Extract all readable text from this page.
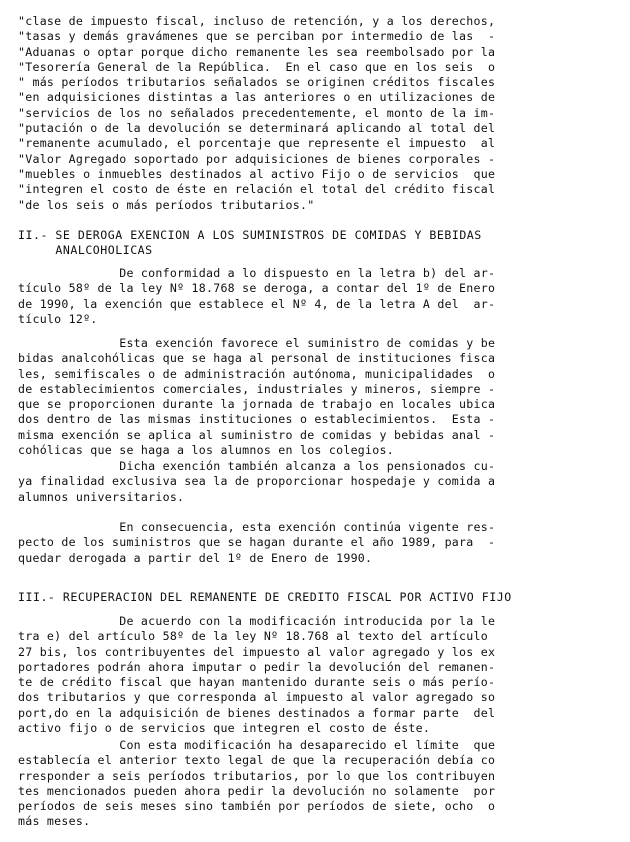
"clase de impuesto fiscal, incluso de retención, y a los derechos,
"tasas y demás gravámenes que se perciban por intermedio de las  -
"Aduanas o optar porque dicho remanente les sea reembolsado por la
"Tesorería General de la República.  En el caso que en los seis  o
" más períodos tributarios señalados se originen créditos fiscales
"en adquisiciones distintas a las anteriores o en utilizaciones de
"servicios de los no señalados precedentemente, el monto de la im-
"putación o de la devolución se determinará aplicando al total del
"remanente acumulado, el porcentaje que represente el impuesto  al
"Valor Agregado soportado por adquisiciones de bienes corporales -
"muebles o inmuebles destinados al activo Fijo o de servicios  que
"integren el costo de éste en relación el total del crédito fiscal
"de los seis o más períodos tributarios."
II.- SE DEROGA EXENCION A LOS SUMINISTROS DE COMIDAS Y BEBIDAS
ANALCOHOLICAS
De conformidad a lo dispuesto en la letra b) del ar-
tículo 58º de la ley Nº 18.768 se deroga, a contar del 1º de Enero
de 1990, la exención que establece el Nº 4, de la letra A del  ar-
tículo 12º.
Esta exención favorece el suministro de comidas y be
bidas analcohólicas que se haga al personal de instituciones fisca
les, semifiscales o de administración autónoma, municipalidades  o
de establecimientos comerciales, industriales y mineros, siempre -
que se proporcionen durante la jornada de trabajo en locales ubica
dos dentro de las mismas instituciones o establecimientos.  Esta -
misma exención se aplica al suministro de comidas y bebidas anal -
cohólicas que se haga a los alumnos en los colegios.
Dicha exención también alcanza a los pensionados cu-
ya finalidad exclusiva sea la de proporcionar hospedaje y comida a
alumnos universitarios.
En consecuencia, esta exención continúa vigente res-
pecto de los suministros que se hagan durante el año 1989, para  -
quedar derogada a partir del 1º de Enero de 1990.
III.- RECUPERACION DEL REMANENTE DE CREDITO FISCAL POR ACTIVO FIJO
De acuerdo con la modificación introducida por la le
tra e) del artículo 58º de la ley Nº 18.768 al texto del artículo
27 bis, los contribuyentes del impuesto al valor agregado y los ex
portadores podrán ahora imputar o pedir la devolución del remanen-
te de crédito fiscal que hayan mantenido durante seis o más perío-
dos tributarios y que corresponda al impuesto al valor agregado so
port,do en la adquisición de bienes destinados a formar parte  del
activo fijo o de servicios que integren el costo de éste.
Con esta modificación ha desaparecido el límite  que
establecía el anterior texto legal de que la recuperación debía co
rresponder a seis períodos tributarios, por lo que los contribuyen
tes mencionados pueden ahora pedir la devolución no solamente  por
períodos de seis meses sino también por períodos de siete, ocho  o
más meses.
